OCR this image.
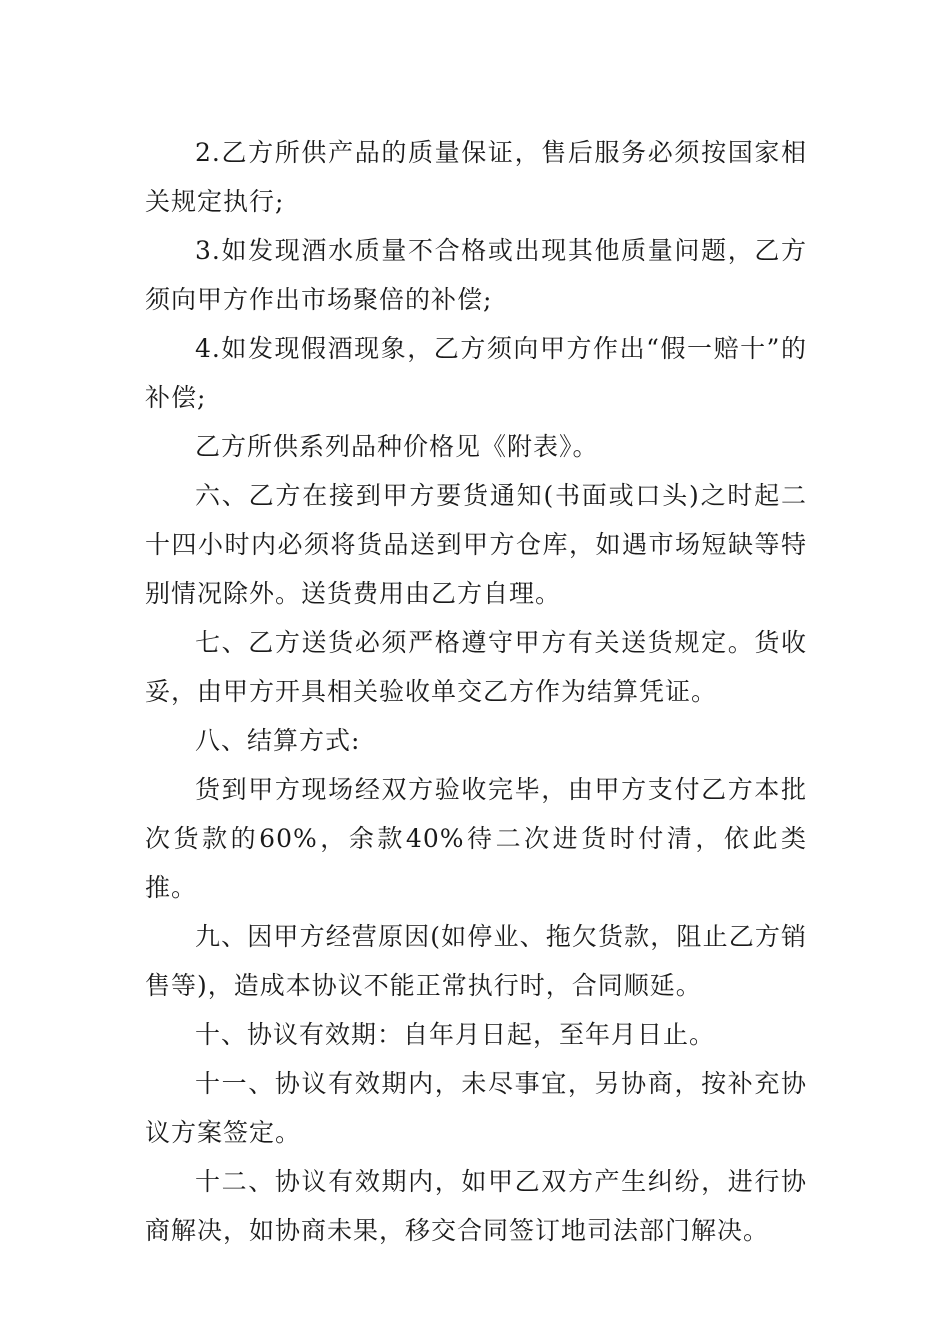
2.乙方所供产品的质量保证，售后服务必须按国家相关规定执行;

3.如发现酒水质量不合格或出现其他质量问题，乙方须向甲方作出市场聚倍的补偿;

4.如发现假酒现象，乙方须向甲方作出“假一赔十”的补偿;

乙方所供系列品种价格见《附表》。

六、乙方在接到甲方要货通知(书面或口头)之时起二十四小时内必须将货品送到甲方仓库，如遇市场短缺等特别情况除外。送货费用由乙方自理。

七、乙方送货必须严格遵守甲方有关送货规定。货收妥，由甲方开具相关验收单交乙方作为结算凭证。

八、结算方式:

货到甲方现场经双方验收完毕，由甲方支付乙方本批次货款的60%，余款40%待二次进货时付清，依此类推。

九、因甲方经营原因(如停业、拖欠货款，阻止乙方销售等)，造成本协议不能正常执行时，合同顺延。

十、协议有效期：自年月日起，至年月日止。

十一、协议有效期内，未尽事宜，另协商，按补充协议方案签定。

十二、协议有效期内，如甲乙双方产生纠纷，进行协商解决，如协商未果，移交合同签订地司法部门解决。
